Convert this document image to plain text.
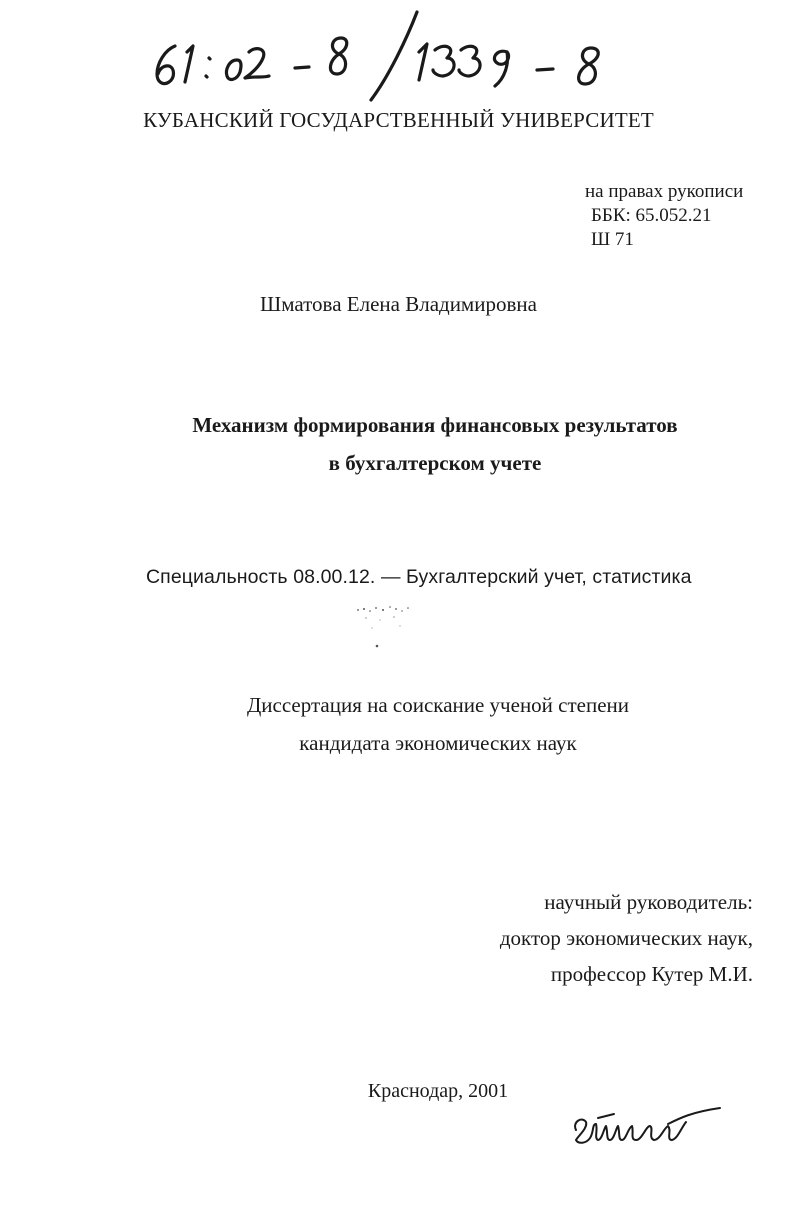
КУБАНСКИЙ ГОСУДАРСТВЕННЫЙ УНИВЕРСИТЕТ
на правах рукописи
ББК: 65.052.21
Ш 71
Шматова Елена Владимировна
Механизм формирования финансовых результатов
в бухгалтерском учете
Специальность 08.00.12. — Бухгалтерский учет, статистика
Диссертация на соискание ученой степени
кандидата экономических наук
научный руководитель:
доктор экономических наук,
профессор Кутер М.И.
Краснодар, 2001
